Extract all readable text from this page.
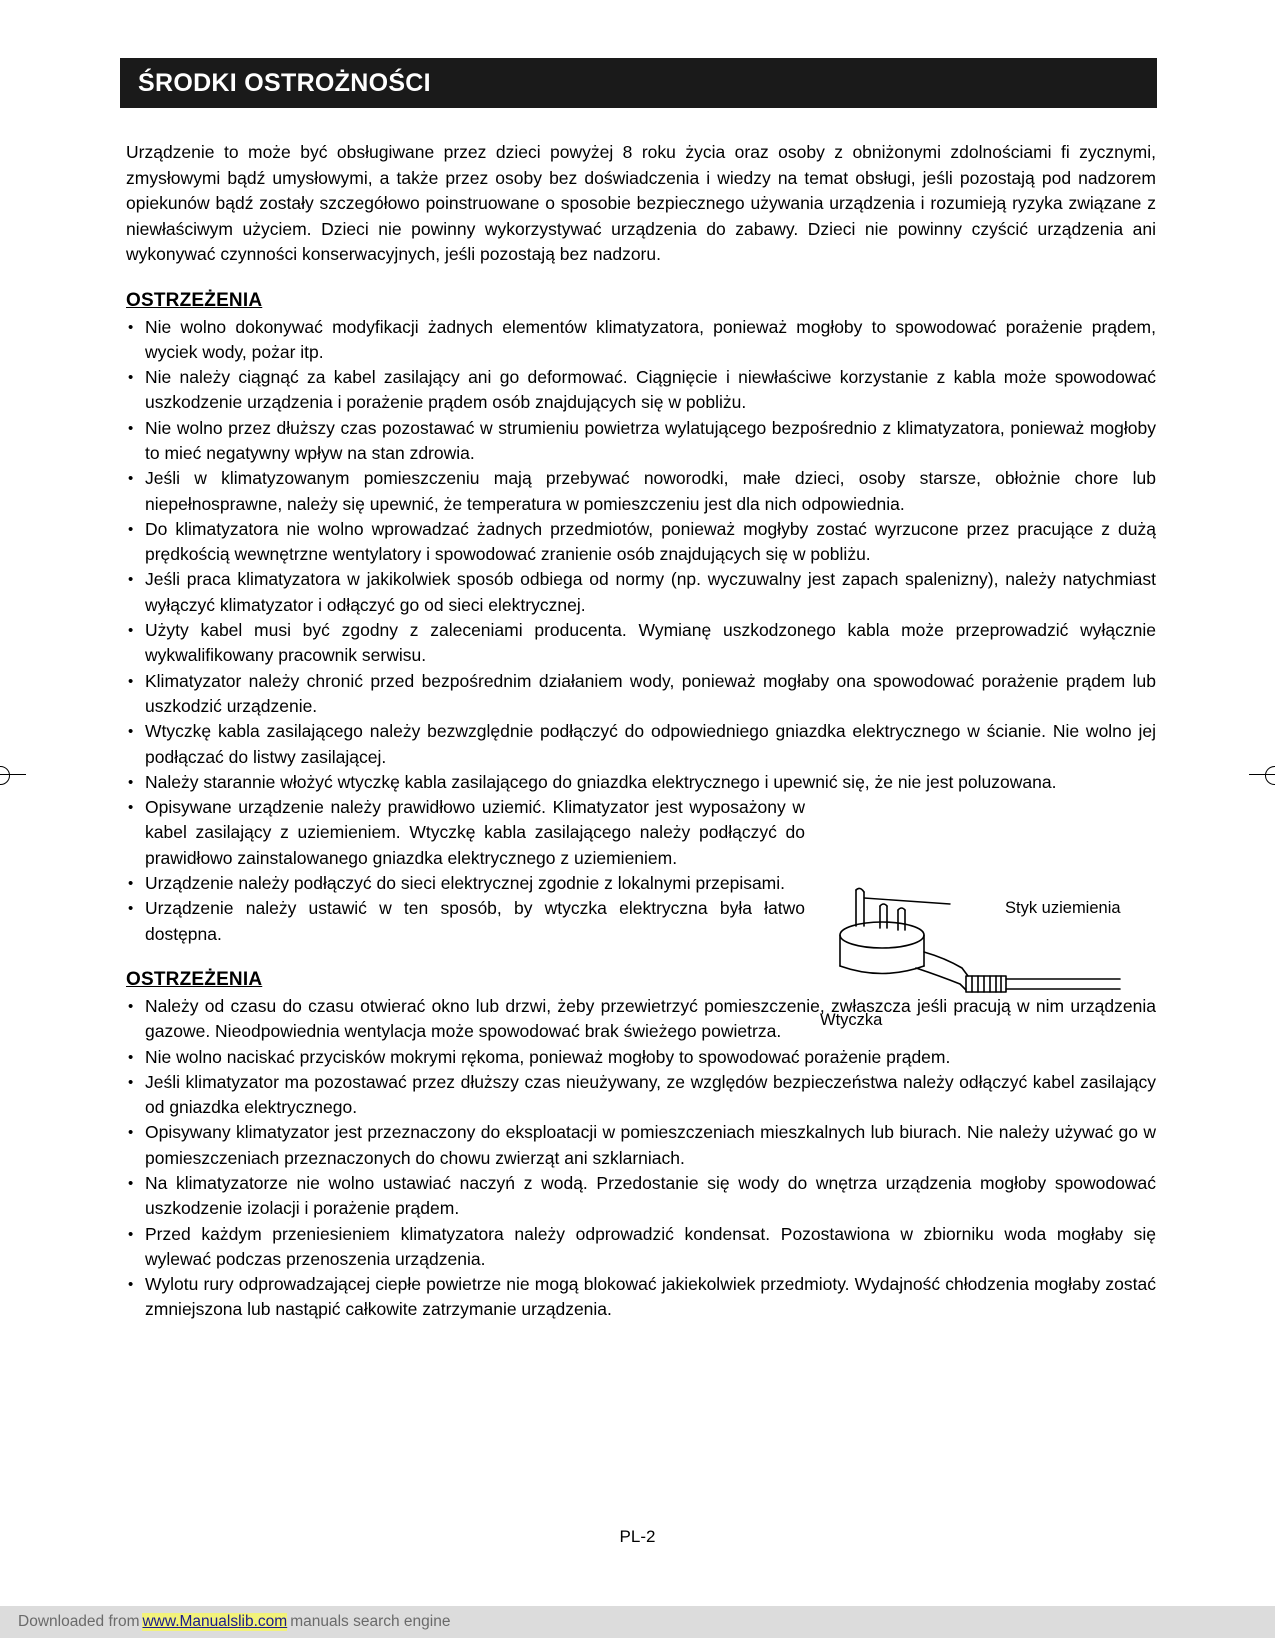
ŚRODKI OSTROŻNOŚCI

Urządzenie to może być obsługiwane przez dzieci powyżej 8 roku życia oraz osoby z obniżonymi zdolnościami fi zycznymi, zmysłowymi bądź umysłowymi, a także przez osoby bez doświadczenia i wiedzy na temat obsługi, jeśli pozostają pod nadzorem opiekunów bądź zostały szczegółowo poinstruowane o sposobie bezpiecznego używania urządzenia i rozumieją ryzyka związane z niewłaściwym użyciem. Dzieci nie powinny wykorzystywać urządzenia do zabawy. Dzieci nie powinny czyścić urządzenia ani wykonywać czynności konserwacyjnych, jeśli pozostają bez nadzoru.

OSTRZEŻENIA
• Nie wolno dokonywać modyfikacji żadnych elementów klimatyzatora, ponieważ mogłoby to spowodować porażenie prądem, wyciek wody, pożar itp.
• Nie należy ciągnąć za kabel zasilający ani go deformować. Ciągnięcie i niewłaściwe korzystanie z kabla może spowodować uszkodzenie urządzenia i porażenie prądem osób znajdujących się w pobliżu.
• Nie wolno przez dłuższy czas pozostawać w strumieniu powietrza wylatującego bezpośrednio z klimatyzatora, ponieważ mogłoby to mieć negatywny wpływ na stan zdrowia.
• Jeśli w klimatyzowanym pomieszczeniu mają przebywać noworodki, małe dzieci, osoby starsze, obłożnie chore lub niepełnosprawne, należy się upewnić, że temperatura w pomieszczeniu jest dla nich odpowiednia.
• Do klimatyzatora nie wolno wprowadzać żadnych przedmiotów, ponieważ mogłyby zostać wyrzucone przez pracujące z dużą prędkością wewnętrzne wentylatory i spowodować zranienie osób znajdujących się w pobliżu.
• Jeśli praca klimatyzatora w jakikolwiek sposób odbiega od normy (np. wyczuwalny jest zapach spalenizny), należy natychmiast wyłączyć klimatyzator i odłączyć go od sieci elektrycznej.
• Użyty kabel musi być zgodny z zaleceniami producenta. Wymianę uszkodzonego kabla może przeprowadzić wyłącznie wykwalifikowany pracownik serwisu.
• Klimatyzator należy chronić przed bezpośrednim działaniem wody, ponieważ mogłaby ona spowodować porażenie prądem lub uszkodzić urządzenie.
• Wtyczkę kabla zasilającego należy bezwzględnie podłączyć do odpowiedniego gniazdka elektrycznego w ścianie. Nie wolno jej podłączać do listwy zasilającej.
• Należy starannie włożyć wtyczkę kabla zasilającego do gniazdka elektrycznego i upewnić się, że nie jest poluzowana.
• Opisywane urządzenie należy prawidłowo uziemić. Klimatyzator jest wyposażony w kabel zasilający z uziemieniem. Wtyczkę kabla zasilającego należy podłączyć do prawidłowo zainstalowanego gniazdka elektrycznego z uziemieniem.
• Urządzenie należy podłączyć do sieci elektrycznej zgodnie z lokalnymi przepisami.
• Urządzenie należy ustawić w ten sposób, by wtyczka elektryczna była łatwo dostępna.
OSTRZEŻENIA
• Należy od czasu do czasu otwierać okno lub drzwi, żeby przewietrzyć pomieszczenie, zwłaszcza jeśli pracują w nim urządzenia gazowe. Nieodpowiednia wentylacja może spowodować brak świeżego powietrza.
• Nie wolno naciskać przycisków mokrymi rękoma, ponieważ mogłoby to spowodować porażenie prądem.
• Jeśli klimatyzator ma pozostawać przez dłuższy czas nieużywany, ze względów bezpieczeństwa należy odłączyć kabel zasilający od gniazdka elektrycznego.
• Opisywany klimatyzator jest przeznaczony do eksploatacji w pomieszczeniach mieszkalnych lub biurach. Nie należy używać go w pomieszczeniach przeznaczonych do chowu zwierząt ani szklarniach.
• Na klimatyzatorze nie wolno ustawiać naczyń z wodą. Przedostanie się wody do wnętrza urządzenia mogłoby spowodować uszkodzenie izolacji i porażenie prądem.
• Przed każdym przeniesieniem klimatyzatora należy odprowadzić kondensat. Pozostawiona w zbiorniku woda mogłaby się wylewać podczas przenoszenia urządzenia.
• Wylotu rury odprowadzającej ciepłe powietrze nie mogą blokować jakiekolwiek przedmioty. Wydajność chłodzenia mogłaby zostać zmniejszona lub nastąpić całkowite zatrzymanie urządzenia.
Styk uziemienia
Wtyczka
PL-2
Downloaded from www.Manualslib.com manuals search engine
